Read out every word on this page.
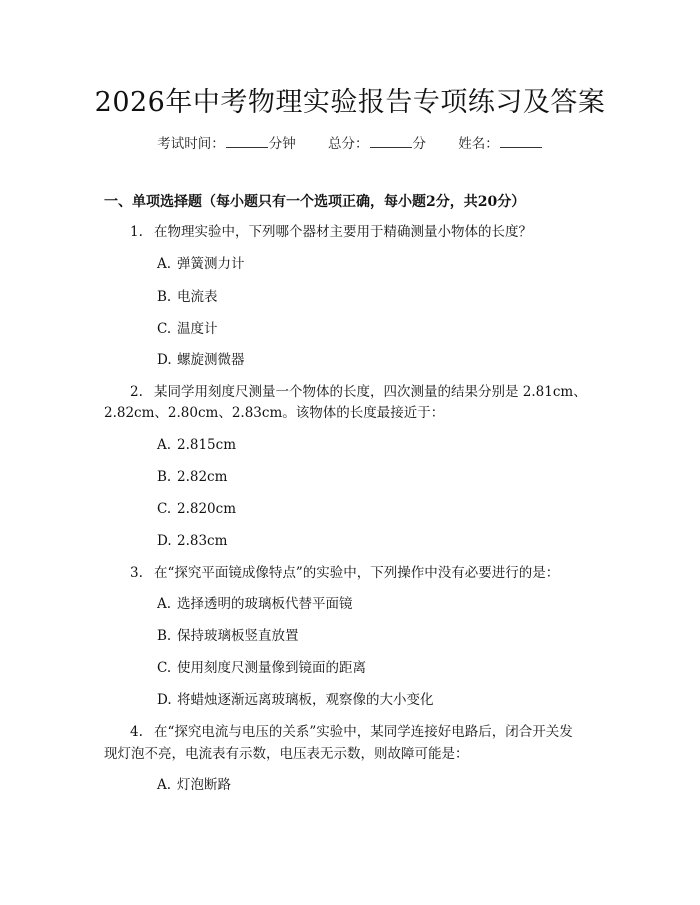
2026年中考物理实验报告专项练习及答案
考试时间：	分钟 总分：	分 姓名：
一、单项选择题（每小题只有一个选项正确，每小题2分，共20分）
1. 在物理实验中，下列哪个器材主要用于精确测量小物体的长度？
A. 弹簧测力计
B. 电流表
C. 温度计
D. 螺旋测微器
2. 某同学用刻度尺测量一个物体的长度，四次测量的结果分别是 2.81cm、
2.82cm、2.80cm、2.83cm。该物体的长度最接近于：
A. 2.815cm
B. 2.82cm
C. 2.820cm
D. 2.83cm
3. 在“探究平面镜成像特点”的实验中，下列操作中没有必要进行的是：
A. 选择透明的玻璃板代替平面镜
B. 保持玻璃板竖直放置
C. 使用刻度尺测量像到镜面的距离
D. 将蜡烛逐渐远离玻璃板，观察像的大小变化
4. 在“探究电流与电压的关系”实验中，某同学连接好电路后，闭合开关发
现灯泡不亮，电流表有示数，电压表无示数，则故障可能是：
A. 灯泡断路
